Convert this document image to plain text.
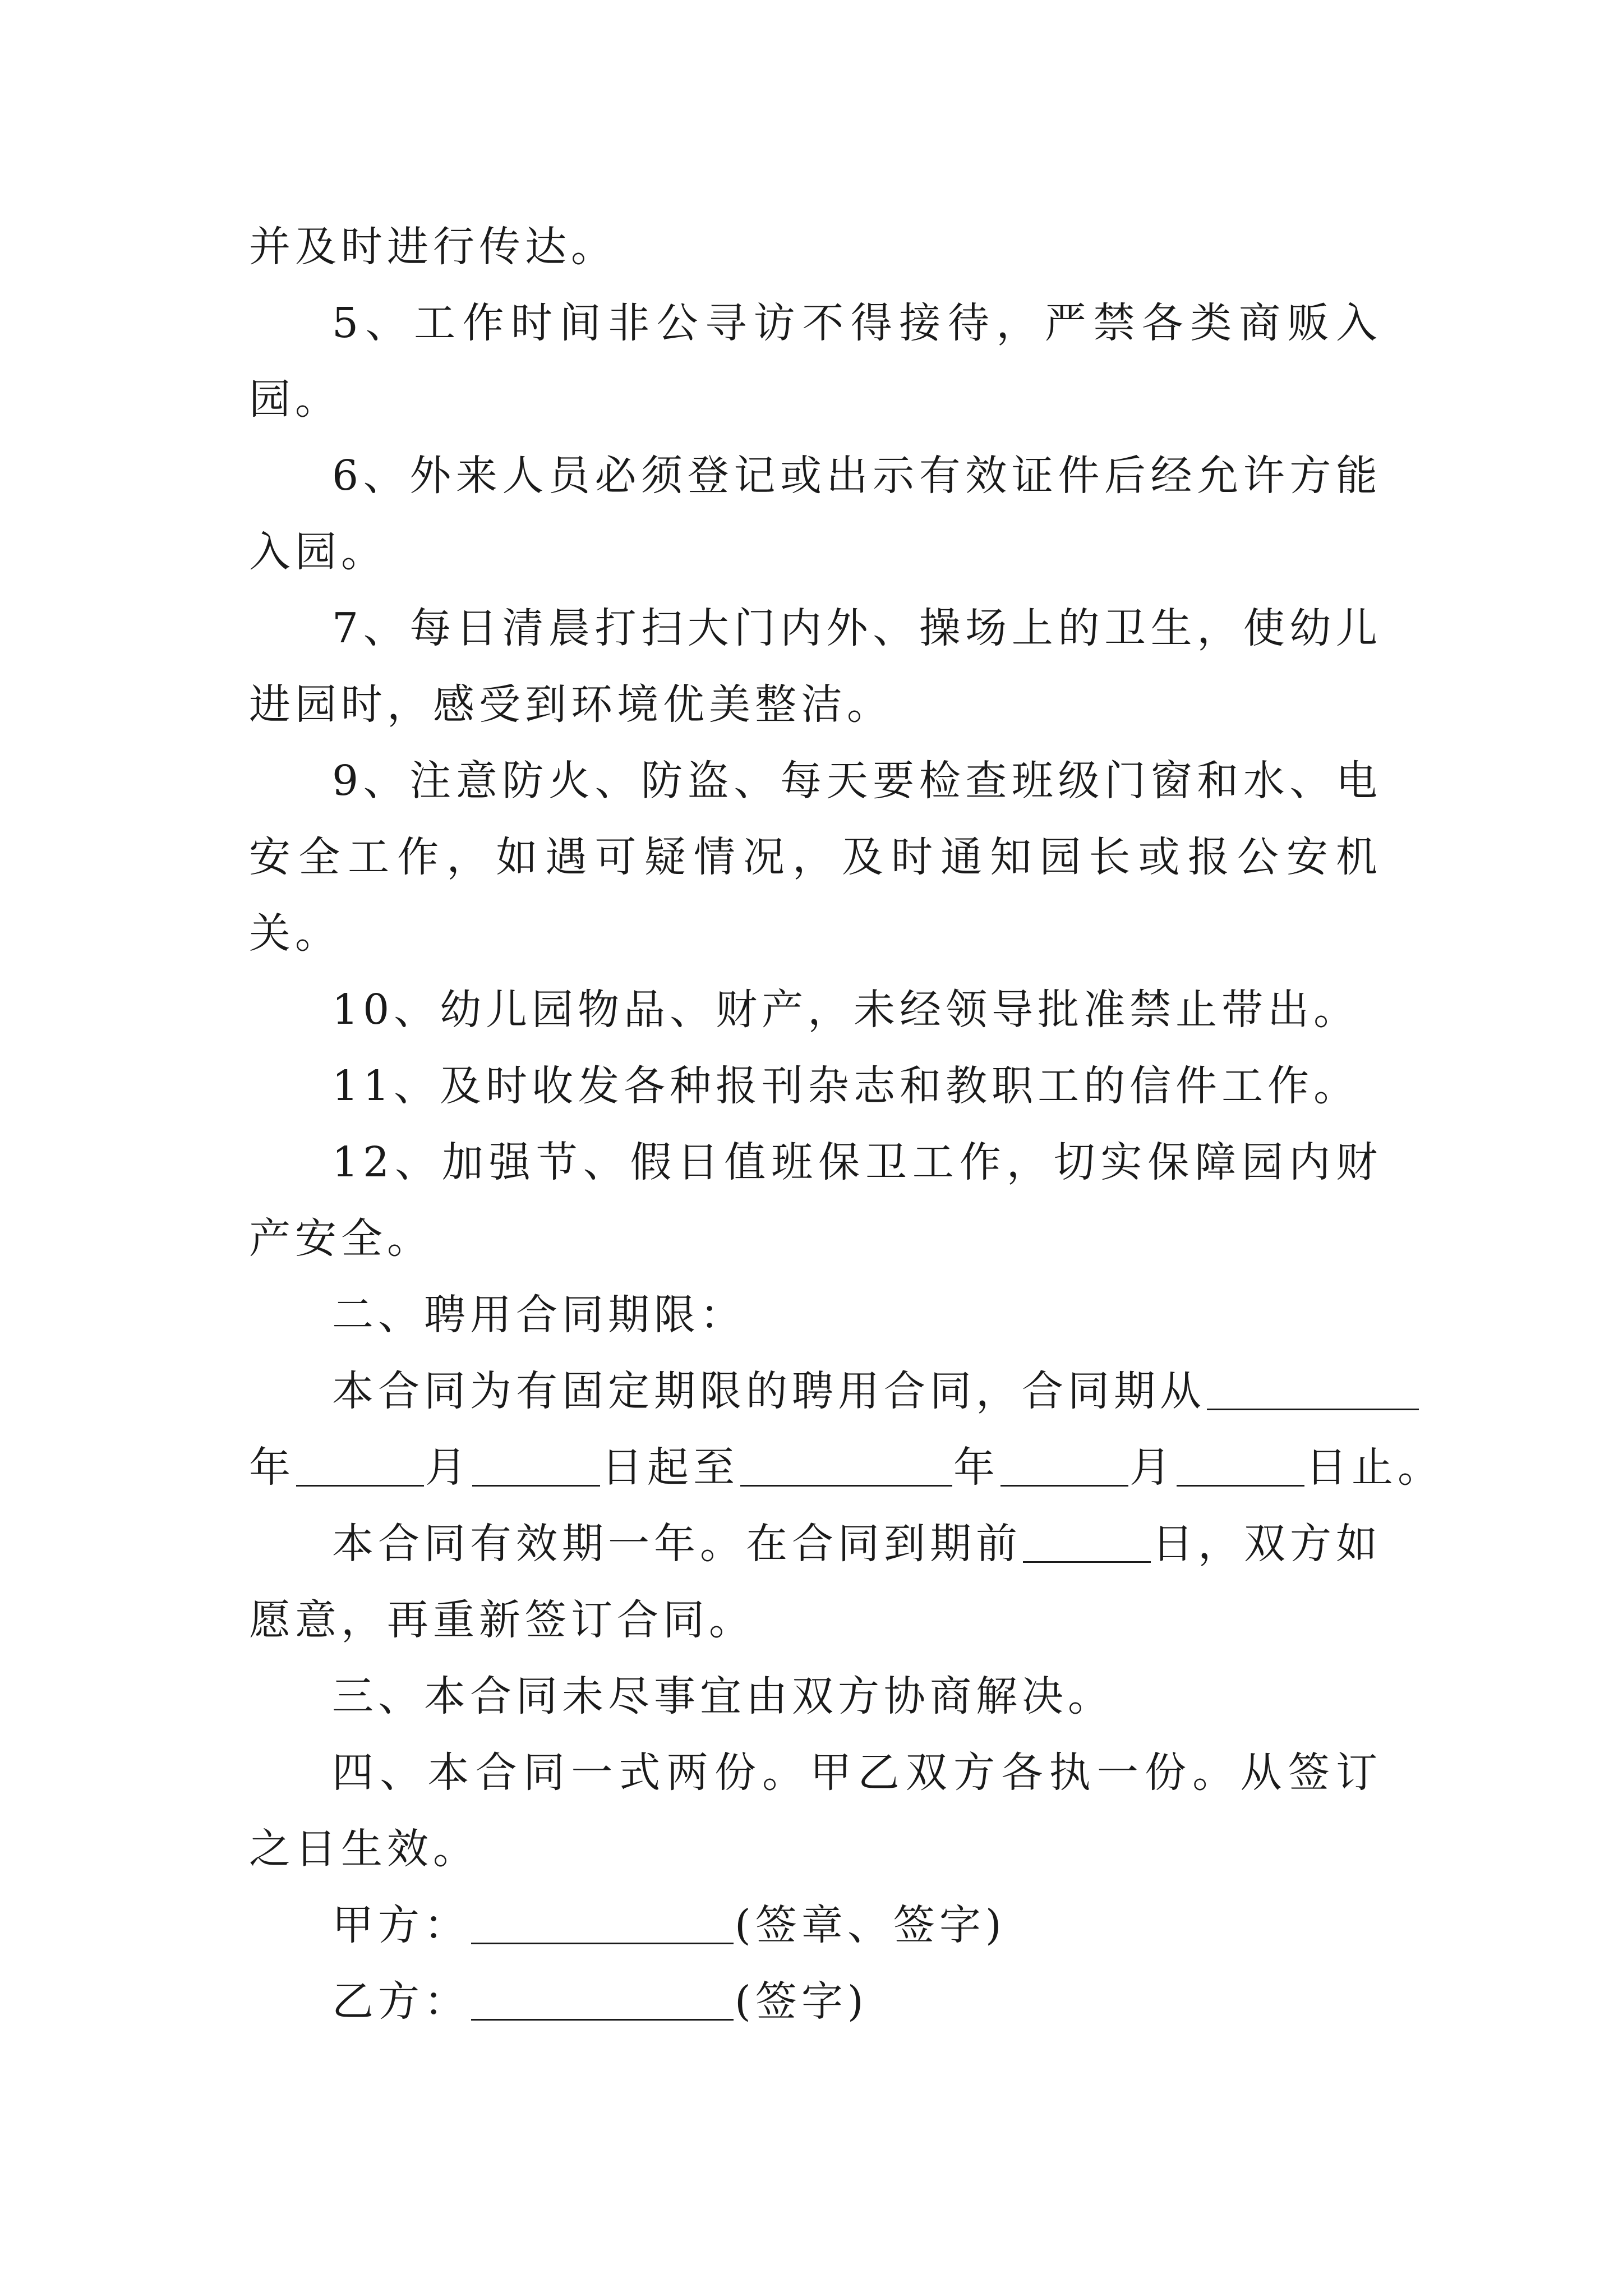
并及时进行传达。

5、工作时间非公寻访不得接待，严禁各类商贩入园。

6、外来人员必须登记或出示有效证件后经允许方能入园。

7、每日清晨打扫大门内外、操场上的卫生，使幼儿进园时，感受到环境优美整洁。

9、注意防火、防盗、每天要检查班级门窗和水、电安全工作，如遇可疑情况，及时通知园长或报公安机关。

10、幼儿园物品、财产，未经领导批准禁止带出。

11、及时收发各种报刊杂志和教职工的信件工作。

12、加强节、假日值班保卫工作，切实保障园内财产安全。

二、聘用合同期限：

本合同为有固定期限的聘用合同，合同期从
年	月	日起至	年	月	日止。

本合同有效期一年。在合同到期前	日，双方如愿意，再重新签订合同。

三、本合同未尽事宜由双方协商解决。

四、本合同一式两份。甲乙双方各执一份。从签订之日生效。

甲方：	(签章、签字)

乙方：	(签字)
